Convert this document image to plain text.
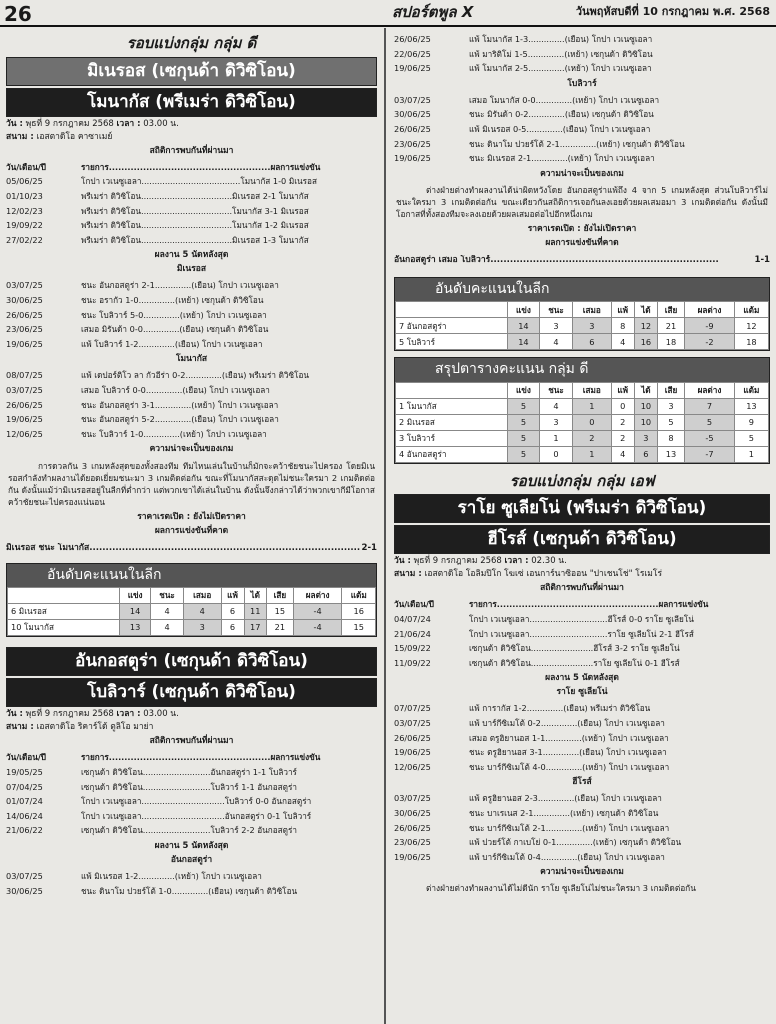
26	สปอร์ตพูล X	วันพฤหัสบดีที่ 10 กรกฎาคม พ.ศ. 2568
รอบแบ่งกลุ่ม กลุ่ม ดี
มิเนรอส (เซกุนด้า ดิวิซิโอน)
โมนากัส (พรีเมร่า ดิวิซิโอน)
วัน : พุธที่ 9 กรกฎาคม 2568 เวลา : 03.00 น.
สนาม : เอสตาดิโอ คาซาเมย์
สถิติการพบกันที่ผ่านมา
วัน/เดือน/ปี	รายการ....................................................ผลการแข่งขัน
05/06/25	โกปา เวเนซูเอลา......................................โมนากัส 1-0 มิเนรอส
01/10/23	พรีเมร่า ดิวิซิโอน...................................มิเนรอส 2-1 โมนากัส
12/02/23	พรีเมร่า ดิวิซิโอน...................................โมนากัส 3-1 มิเนรอส
19/09/22	พรีเมร่า ดิวิซิโอน...................................โมนากัส 1-2 มิเนรอส
27/02/22	พรีเมร่า ดิวิซิโอน...................................มิเนรอส 1-3 โมนากัส
ผลงาน 5 นัดหลังสุด
มิเนรอส
03/07/25	ชนะ อันกอสตูร่า 2-1..............(เยือน) โกปา เวเนซูเอลา
30/06/25	ชนะ อรากัว 1-0..............(เหย้า) เซกุนด้า ดิวิซิโอน
26/06/25	ชนะ โบลิวาร์ 5-0..............(เหย้า) โกปา เวเนซูเอลา
23/06/25	เสมอ มิรันด้า 0-0..............(เยือน) เซกุนด้า ดิวิซิโอน
19/06/25	แพ้ โบลิวาร์ 1-2..............(เยือน) โกปา เวเนซูเอลา
โมนากัส
08/07/25	แพ้ เดปอร์ติโว ลา กัวอีร่า 0-2..............(เยือน) พรีเมร่า ดิวิซิโอน
03/07/25	เสมอ โบลิวาร์ 0-0..............(เยือน) โกปา เวเนซูเอลา
26/06/25	ชนะ อันกอสตูร่า 3-1..............(เหย้า) โกปา เวเนซูเอลา
19/06/25	ชนะ อันกอสตูร่า 5-2..............(เยือน) โกปา เวเนซูเอลา
12/06/25	ชนะ โบลิวาร์ 1-0..............(เหย้า) โกปา เวเนซูเอลา
ความน่าจะเป็นของเกม
การดวลกัน 3 เกมหลังสุดของทั้งสองทีม ทีมไหนเล่นในบ้านก็มักจะคว้าชัยชนะไปครอง โดยมิเนรอสกำลังทำผลงานได้ยอดเยี่ยมชนะมา 3 เกมติดต่อกัน ขณะที่โมนากัสสะดุดไม่ชนะใครมา 2 เกมติดต่อกัน ดังนั้นแม้ว่ามิเนรอสอยู่ในลีกที่ต่ำกว่า แต่พวกเขาได้เล่นในบ้าน ดังนั้นจึงกล่าวได้ว่าพวกเขากีมีโอกาสคว้าชัยชนะไปครองแน่นอน
ราคาเรตเปิด : ยังไม่เปิดราคา
ผลการแข่งขันที่คาด
มิเนรอส ชนะ โมนากัส................................................................................... 2-1
อันดับคะแนนในลีก
	แข่ง	ชนะ	เสมอ	แพ้	ได้	เสีย	ผลต่าง	แต้ม
6 มิเนรอส	14	4	4	6	11	15	-4	16
10 โมนากัส	13	4	3	6	17	21	-4	15
อันกอสตูร่า (เซกุนด้า ดิวิซิโอน)
โบลิวาร์ (เซกุนด้า ดิวิซิโอน)
วัน : พุธที่ 9 กรกฎาคม 2568 เวลา : 03.00 น.
สนาม : เอสตาดิโอ ริคาร์โด้ ตูลิโอ มาย่า
สถิติการพบกันที่ผ่านมา
วัน/เดือน/ปี	รายการ....................................................ผลการแข่งขัน
19/05/25	เซกุนด้า ดิวิซิโอน..........................อันกอสตูร่า 1-1 โบลิวาร์
07/04/25	เซกุนด้า ดิวิซิโอน..........................โบลิวาร์ 1-1 อันกอสตูร่า
01/07/24	โกปา เวเนซูเอลา................................โบลิวาร์ 0-0 อันกอสตูร่า
14/06/24	โกปา เวเนซูเอลา................................อันกอสตูร่า 0-1 โบลิวาร์
21/06/22	เซกุนด้า ดิวิซิโอน..........................โบลิวาร์ 2-2 อันกอสตูร่า
ผลงาน 5 นัดหลังสุด
อันกอสตูร่า
03/07/25	แพ้ มิเนรอส 1-2..............(เหย้า) โกปา เวเนซูเอลา
30/06/25	ชนะ ดินาโม ปวยร์โต้ 1-0..............(เยือน) เซกุนด้า ดิวิซิโอน
26/06/25	แพ้ โมนากัส 1-3..............(เยือน) โกปา เวเนซูเอลา
22/06/25	แพ้ มาริติโม่ 1-5..............(เหย้า) เซกุนด้า ดิวิซิโอน
19/06/25	แพ้ โมนากัส 2-5..............(เหย้า) โกปา เวเนซูเอลา
โบลิวาร์
03/07/25	เสมอ โมนากัส 0-0..............(เหย้า) โกปา เวเนซูเอลา
30/06/25	ชนะ มิรันด้า 0-2..............(เยือน) เซกุนด้า ดิวิซิโอน
26/06/25	แพ้ มิเนรอส 0-5..............(เยือน) โกปา เวเนซูเอลา
23/06/25	ชนะ ดินาโม ปวยร์โต้ 2-1..............(เหย้า) เซกุนด้า ดิวิซิโอน
19/06/25	ชนะ มิเนรอส 2-1..............(เหย้า) โกปา เวเนซูเอลา
ความน่าจะเป็นของเกม
ต่างฝ่ายต่างทำผลงานได้น่าผิดหวังโดย อันกอสตูร่าแพ้ถึง 4 จาก 5 เกมหลังสุด ส่วนโบลิวาร์ไม่ชนะใครมา 3 เกมติดต่อกัน ขณะเดียวกันสถิติการเจอกันลงเอยด้วยผลเสมอมา 3 เกมติดต่อกัน ดังนั้นมีโอกาสที่ทั้งสองทีมจะลงเอยด้วยผลเสมอต่อไปอีกหนึ่งเกม
ราคาเรตเปิด : ยังไม่เปิดราคา
ผลการแข่งขันที่คาด
อันกอสตูร่า เสมอ โบลิวาร์......................................................................	1-1
อันดับคะแนนในลีก
	แข่ง	ชนะ	เสมอ	แพ้	ได้	เสีย	ผลต่าง	แต้ม
7 อันกอสตูร่า	14	3	3	8	12	21	-9	12
5 โบลิวาร์	14	4	6	4	16	18	-2	18
สรุปตารางคะแนน กลุ่ม ดี
	แข่ง	ชนะ	เสมอ	แพ้	ได้	เสีย	ผลต่าง	แต้ม
1 โมนากัส	5	4	1	0	10	3	7	13
2 มิเนรอส	5	3	0	2	10	5	5	9
3 โบลิวาร์	5	1	2	2	3	8	-5	5
4 อันกอสตูร่า	5	0	1	4	6	13	-7	1
รอบแบ่งกลุ่ม กลุ่ม เอฟ
ราโย ซูเลียโน่ (พรีเมร่า ดิวิซิโอน)
ฮีโรส์ (เซกุนด้า ดิวิซิโอน)
วัน : พุธที่ 9 กรกฎาคม 2568 เวลา : 02.30 น.
สนาม : เอสตาดิโอ โอลิมปิโก โฆเซ่ เอนการ์นาซิออน "ปาเชนโช่" โรเมโร่
สถิติการพบกันที่ผ่านมา
วัน/เดือน/ปี	รายการ....................................................ผลการแข่งขัน
04/07/24	โกปา เวเนซูเอลา..............................ฮีโรส์ 0-0 ราโย ซูเลียโน่
21/06/24	โกปา เวเนซูเอลา..............................ราโย ซูเลียโน่ 2-1 ฮีโรส์
15/09/22	เซกุนด้า ดิวิซิโอน........................ฮีโรส์ 3-2 ราโย ซูเลียโน่
11/09/22	เซกุนด้า ดิวิซิโอน........................ราโย ซูเลียโน่ 0-1 ฮีโรส์
ผลงาน 5 นัดหลังสุด
ราโย ซูเลียโน่
07/07/25	แพ้ การากัส 1-2..............(เยือน) พรีเมร่า ดิวิซิโอน
03/07/25	แพ้ บาร์กีซิเมโต้ 0-2..............(เยือน) โกปา เวเนซูเอลา
26/06/25	เสมอ ตรูฮิยานอส 1-1..............(เหย้า) โกปา เวเนซูเอลา
19/06/25	ชนะ ตรูฮิยานอส 3-1..............(เยือน) โกปา เวเนซูเอลา
12/06/25	ชนะ บาร์กีซิเมโต้ 4-0..............(เหย้า) โกปา เวเนซูเอลา
ฮีโรส์
03/07/25	แพ้ ตรูฮิยานอส 2-3..............(เยือน) โกปา เวเนซูเอลา
30/06/25	ชนะ บาเรเนส 2-1..............(เหย้า) เซกุนด้า ดิวิซิโอน
26/06/25	ชนะ บาร์กีซิเมโต้ 2-1..............(เหย้า) โกปา เวเนซูเอลา
23/06/25	แพ้ ปวยร์โต้ กาเบโย่ 0-1..............(เหย้า) เซกุนด้า ดิวิซิโอน
19/06/25	แพ้ บาร์กีซิเมโต้ 0-4..............(เยือน) โกปา เวเนซูเอลา
ความน่าจะเป็นของเกม
ต่างฝ่ายต่างทำผลงานได้ไม่ดีนัก ราโย ซูเลียโน่ไม่ชนะใครมา 3 เกมติดต่อกัน
